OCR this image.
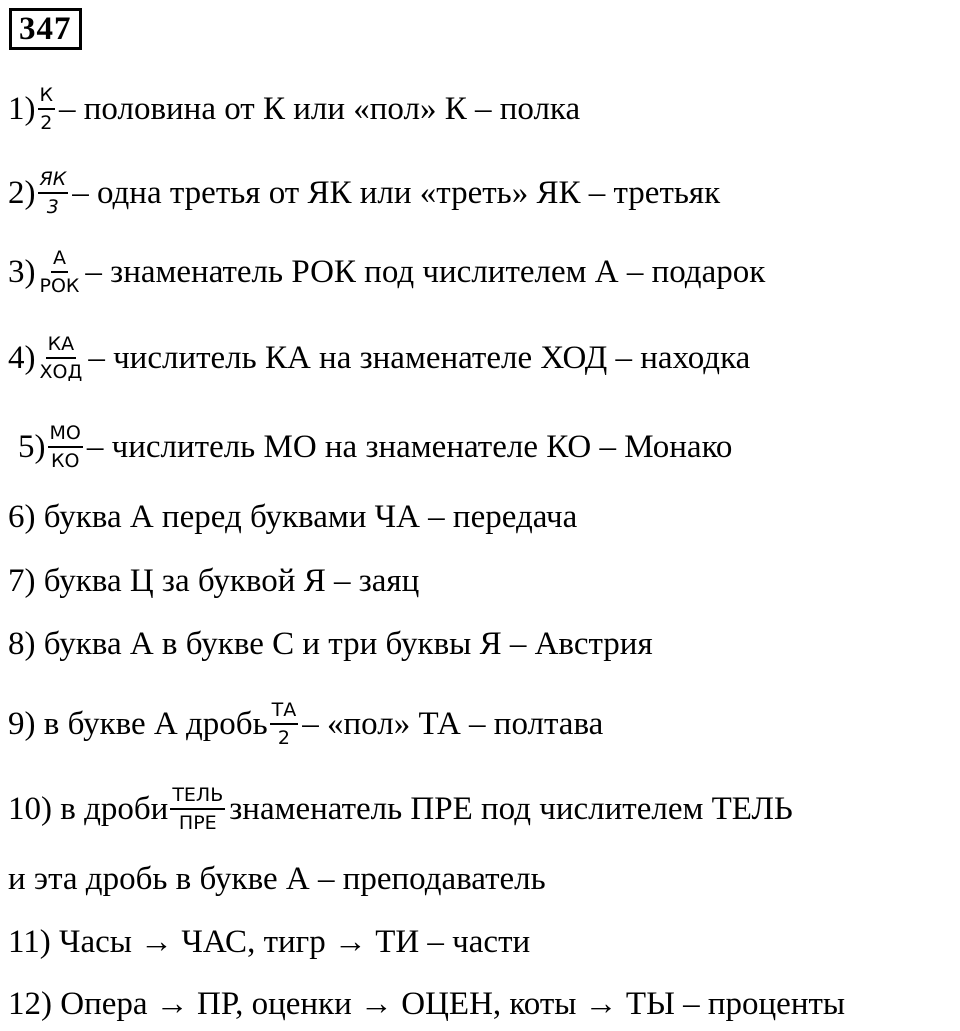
347
$1) \frac{К}{2}$ – половина от К или «пол» К – полка
$2) \frac{ЯК}{3}$ – одна третья от ЯК или «треть» ЯК – третьяк
$3) \frac{А}{\text{РОК}}$ – знаменатель РОК под числителем А – подарок
$4) \frac{КА}{\text{ХОД}}$ – числитель КА на знаменателе ХОД – находка
$5) \frac{МО}{КО}$ – числитель МО на знаменателе КО – Монако
6) буква А перед буквами ЧА – передача
7) буква Ц за буквой Я – заяц
8) буква А в букве С и три буквы Я – Австрия
9) в букве А дробь $\frac{ТА}{2}$ – «пол» ТА – полтава
10) в дроби $\frac{\text{ТЕЛЬ}}{\text{ПРЕ}}$ знаменатель ПРЕ под числителем ТЕЛЬ
и эта дробь в букве А – преподаватель
11) Часы → ЧАС, тигр → ТИ – части
12) Опера → ПР, оценки → ОЦЕН, коты → ТЫ – проценты
